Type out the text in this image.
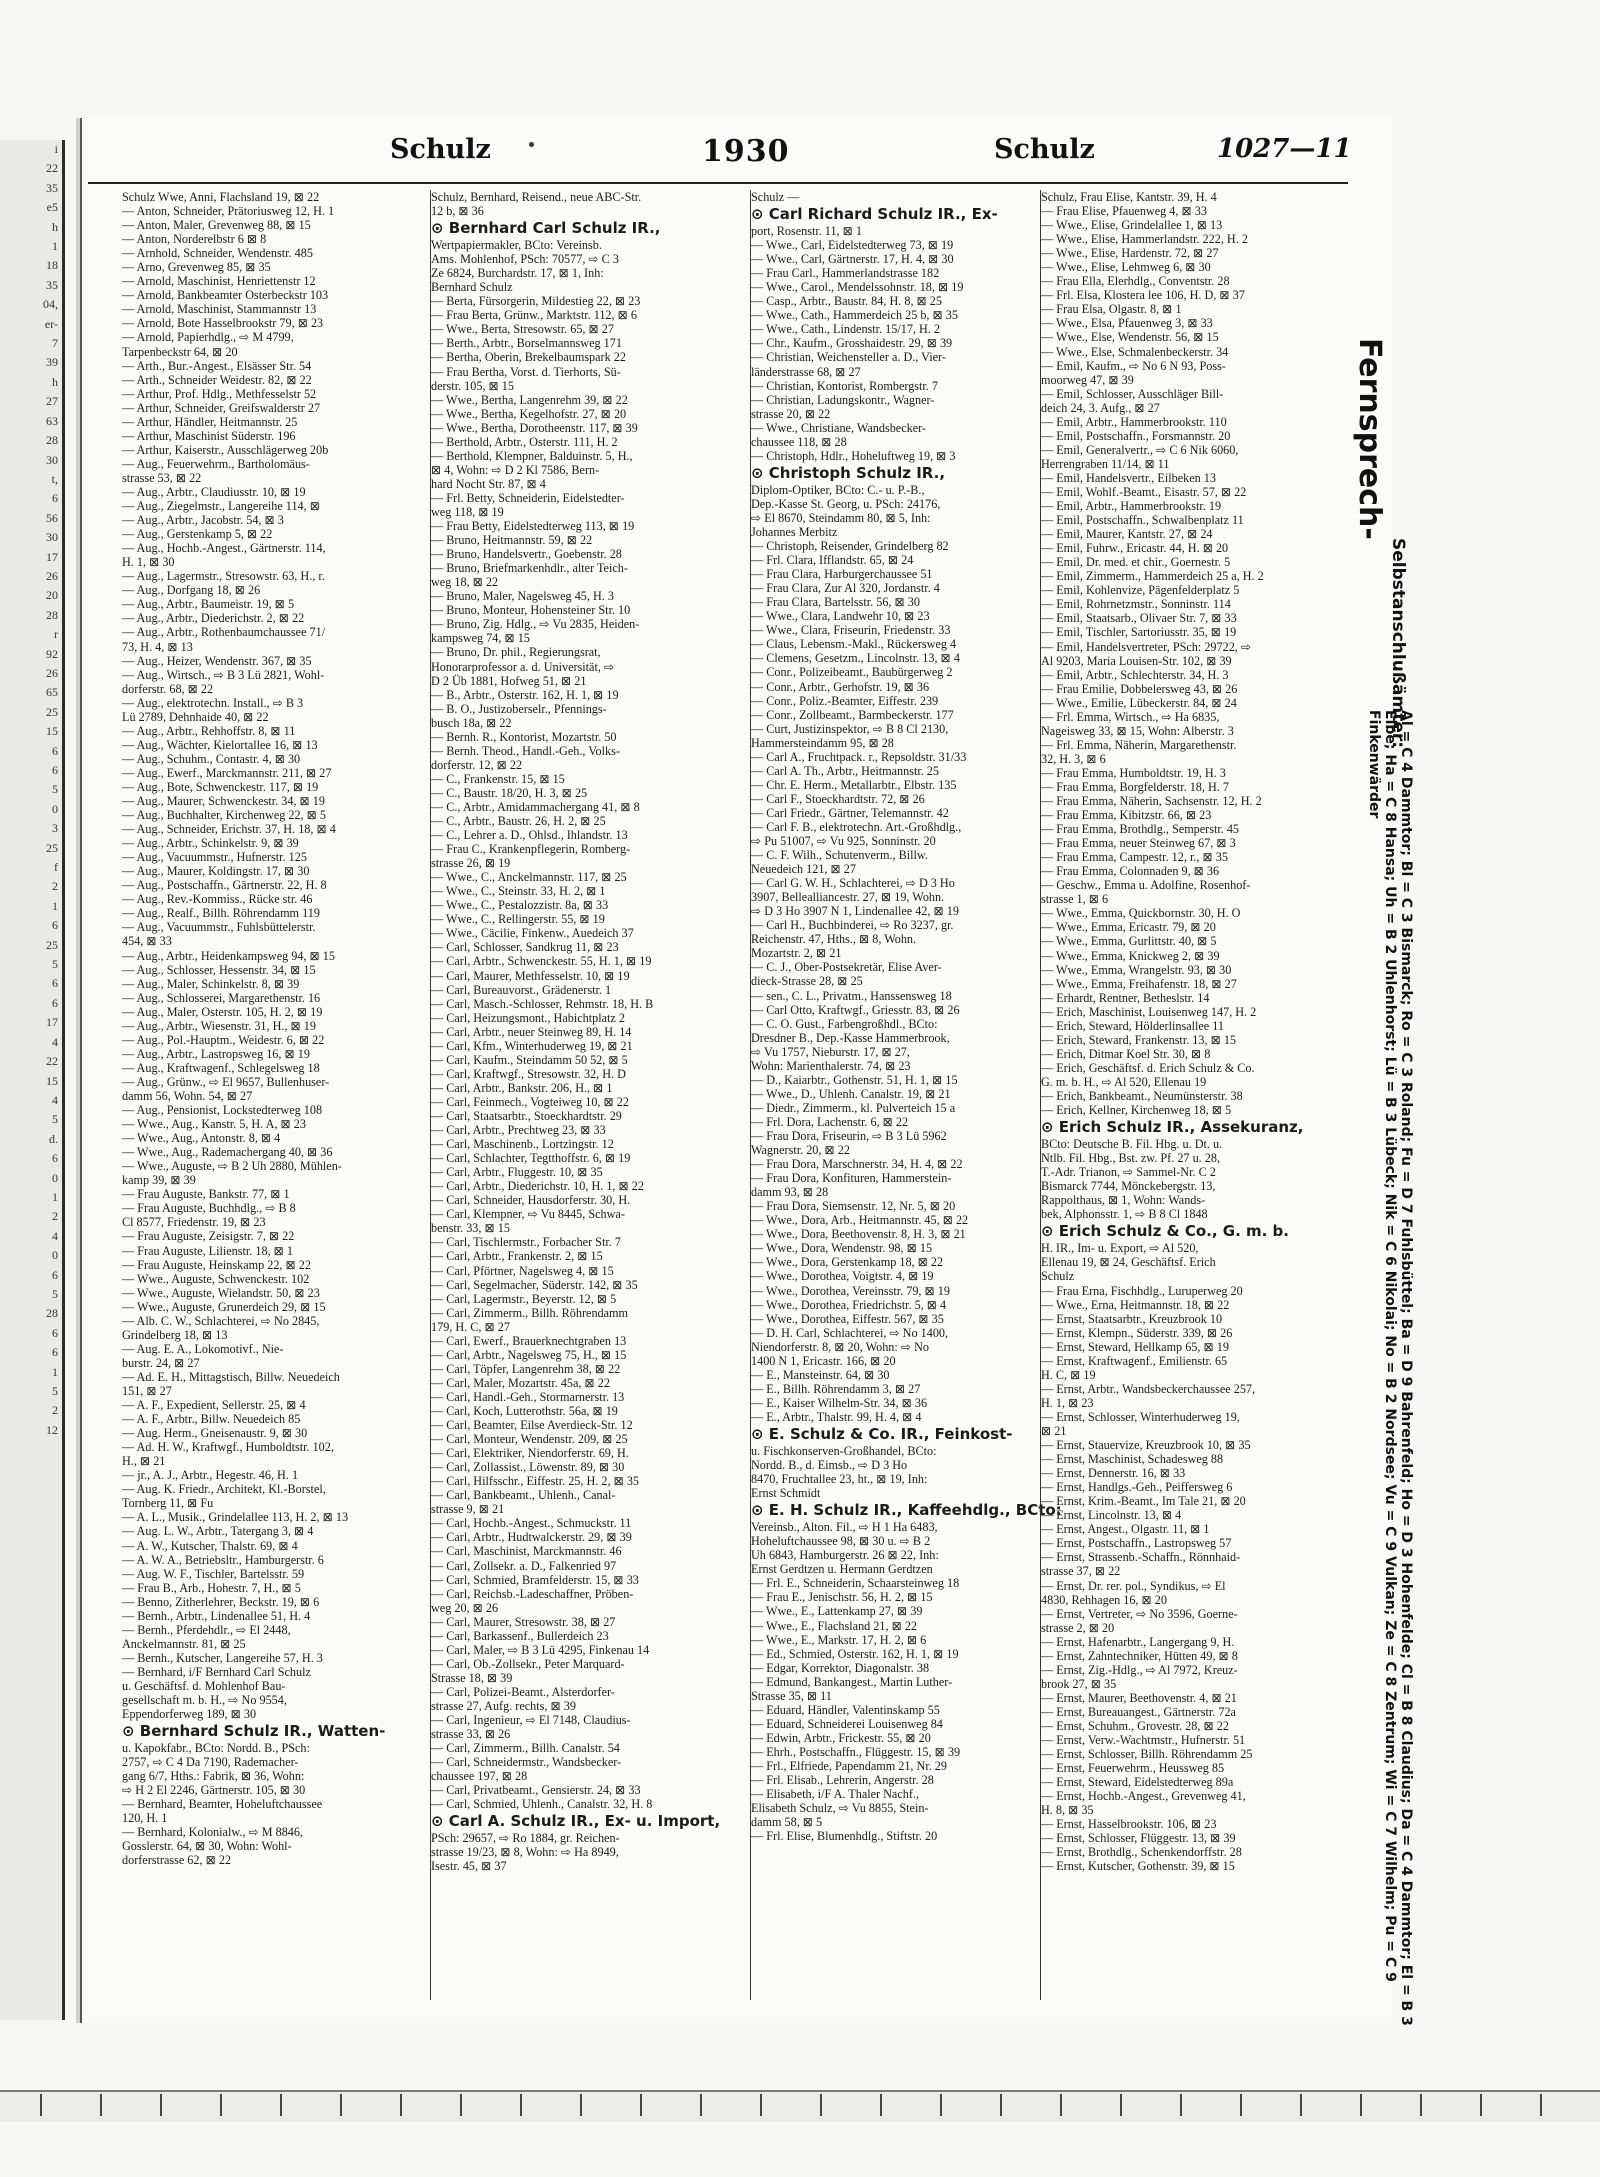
i
22
35
e5
h
1
18
35
04,
er-
7
39
h
27
63
28
30
t,
6
56
30
17
26
20
28
r
92
26
65
25
15
6
6
5
0
3
25
f
2
1
6
25
5
6
6
17
4
22
15
4
5
d.
6
0
1
2
4
0
6
5
28
6
6
1
5
2
12
Schulz	1930	Schulz	1027—11
Schulz Wwe, Anni, Flachsland 19, ⊠ 22
— Anton, Schneider, Prätoriusweg 12, H. 1
— Anton, Maler, Grevenweg 88, ⊠ 15
— Anton, Norderelbstr 6 ⊠ 8
— Arnhold, Schneider, Wendenstr. 485
— Arno, Grevenweg 85, ⊠ 35
— Arnold, Maschinist, Henriettenstr 12
— Arnold, Bankbeamter Osterbeckstr 103
— Arnold, Maschinist, Stammannstr 13
— Arnold, Bote Hasselbrookstr 79, ⊠ 23
— Arnold, Papierhdlg., ⇨ M 4799,
Tarpenbeckstr 64, ⊠ 20
— Arth., Bur.-Angest., Elsässer Str. 54
— Arth., Schneider Weidestr. 82, ⊠ 22
— Arthur, Prof. Hdlg., Methfesselstr 52
— Arthur, Schneider, Greifswalderstr 27
— Arthur, Händler, Heitmannstr. 25
— Arthur, Maschinist Süderstr. 196
— Arthur, Kaiserstr., Ausschlägerweg 20b
— Aug., Feuerwehrm., Bartholomäus-
strasse 53, ⊠ 22
— Aug., Arbtr., Claudiusstr. 10, ⊠ 19
— Aug., Ziegelmstr., Langereihe 114, ⊠
— Aug., Arbtr., Jacobstr. 54, ⊠ 3
— Aug., Gerstenkamp 5, ⊠ 22
— Aug., Hochb.-Angest., Gärtnerstr. 114,
H. 1, ⊠ 30
— Aug., Lagermstr., Stresowstr. 63, H., r.
— Aug., Dorfgang 18, ⊠ 26
— Aug., Arbtr., Baumeistr. 19, ⊠ 5
— Aug., Arbtr., Diederichstr. 2, ⊠ 22
— Aug., Arbtr., Rothenbaumchaussee 71/
73, H. 4, ⊠ 13
— Aug., Heizer, Wendenstr. 367, ⊠ 35
— Aug., Wirtsch., ⇨ B 3 Lü 2821, Wohl-
dorferstr. 68, ⊠ 22
— Aug., elektrotechn. Install., ⇨ B 3
Lü 2789, Dehnhaide 40, ⊠ 22
— Aug., Arbtr., Rehhoffstr. 8, ⊠ 11
— Aug., Wächter, Kielortallee 16, ⊠ 13
— Aug., Schuhm., Contastr. 4, ⊠ 30
— Aug., Ewerf., Marckmannstr. 211, ⊠ 27
— Aug., Bote, Schwenckestr. 117, ⊠ 19
— Aug., Maurer, Schwenckestr. 34, ⊠ 19
— Aug., Buchhalter, Kirchenweg 22, ⊠ 5
— Aug., Schneider, Erichstr. 37, H. 18, ⊠ 4
— Aug., Arbtr., Schinkelstr. 9, ⊠ 39
— Aug., Vacuummstr., Hufnerstr. 125
— Aug., Maurer, Koldingstr. 17, ⊠ 30
— Aug., Postschaffn., Gärtnerstr. 22, H. 8
— Aug., Rev.-Kommiss., Rücke str. 46
— Aug., Realf., Billh. Röhrendamm 119
— Aug., Vacuummstr., Fuhlsbüttelerstr.
454, ⊠ 33
— Aug., Arbtr., Heidenkampsweg 94, ⊠ 15
— Aug., Schlosser, Hessenstr. 34, ⊠ 15
— Aug., Maler, Schinkelstr. 8, ⊠ 39
— Aug., Schlosserei, Margarethenstr. 16
— Aug., Maler, Osterstr. 105, H. 2, ⊠ 19
— Aug., Arbtr., Wiesenstr. 31, H., ⊠ 19
— Aug., Pol.-Hauptm., Weidestr. 6, ⊠ 22
— Aug., Arbtr., Lastropsweg 16, ⊠ 19
— Aug., Kraftwagenf., Schlegelsweg 18
— Aug., Grünw., ⇨ El 9657, Bullenhuser-
damm 56, Wohn. 54, ⊠ 27
— Aug., Pensionist, Lockstedterweg 108
— Wwe., Aug., Kanstr. 5, H. A, ⊠ 23
— Wwe., Aug., Antonstr. 8, ⊠ 4
— Wwe., Aug., Rademachergang 40, ⊠ 36
— Wwe., Auguste, ⇨ B 2 Uh 2880, Mühlen-
kamp 39, ⊠ 39
— Frau Auguste, Bankstr. 77, ⊠ 1
— Frau Auguste, Buchhdlg., ⇨ B 8
Cl 8577, Friedenstr. 19, ⊠ 23
— Frau Auguste, Zeisigstr. 7, ⊠ 22
— Frau Auguste, Lilienstr. 18, ⊠ 1
— Frau Auguste, Heinskamp 22, ⊠ 22
— Wwe., Auguste, Schwenckestr. 102
— Wwe., Auguste, Wielandstr. 50, ⊠ 23
— Wwe., Auguste, Grunerdeich 29, ⊠ 15
— Alb. C. W., Schlachterei, ⇨ No 2845,
Grindelberg 18, ⊠ 13
— Aug. E. A., Lokomotivf., Nie-
burstr. 24, ⊠ 27
— Ad. E. H., Mittagstisch, Billw. Neuedeich
151, ⊠ 27
— A. F., Expedient, Sellerstr. 25, ⊠ 4
— A. F., Arbtr., Billw. Neuedeich 85
— Aug. Herm., Gneisenaustr. 9, ⊠ 30
— Ad. H. W., Kraftwgf., Humboldtstr. 102,
H., ⊠ 21
— jr., A. J., Arbtr., Hegestr. 46, H. 1
— Aug. K. Friedr., Architekt, Kl.-Borstel,
Tornberg 11, ⊠ Fu
— A. L., Musik., Grindelallee 113, H. 2, ⊠ 13
— Aug. L. W., Arbtr., Tatergang 3, ⊠ 4
— A. W., Kutscher, Thalstr. 69, ⊠ 4
— A. W. A., Betriebsltr., Hamburgerstr. 6
— Aug. W. F., Tischler, Bartelsstr. 59
— Frau B., Arb., Hohestr. 7, H., ⊠ 5
— Benno, Zitherlehrer, Beckstr. 19, ⊠ 6
— Bernh., Arbtr., Lindenallee 51, H. 4
— Bernh., Pferdehdlr., ⇨ El 2448,
Anckelmannstr. 81, ⊠ 25
— Bernh., Kutscher, Langereihe 57, H. 3
— Bernhard, i/F Bernhard Carl Schulz
u. Geschäftsf. d. Mohlenhof Bau-
gesellschaft m. b. H., ⇨ No 9554,
Eppendorferweg 189, ⊠ 30
⊙ Bernhard Schulz IR., Watten-
u. Kapokfabr., BCto: Nordd. B., PSch:
2757, ⇨ C 4 Da 7190, Rademacher-
gang 6/7, Hths.: Fabrik, ⊠ 36, Wohn:
⇨ H 2 El 2246, Gärtnerstr. 105, ⊠ 30
— Bernhard, Beamter, Hoheluftchaussee
120, H. 1
— Bernhard, Kolonialw., ⇨ M 8846,
Gosslerstr. 64, ⊠ 30, Wohn: Wohl-
dorferstrasse 62, ⊠ 22
Schulz, Bernhard, Reisend., neue ABC-Str.
12 b, ⊠ 36
⊙ Bernhard Carl Schulz IR.,
Wertpapiermakler, BCto: Vereinsb.
Ams. Mohlenhof, PSch: 70577, ⇨ C 3
Ze 6824, Burchardstr. 17, ⊠ 1, Inh:
Bernhard Schulz
— Berta, Fürsorgerin, Mildestieg 22, ⊠ 23
— Frau Berta, Grünw., Marktstr. 112, ⊠ 6
— Wwe., Berta, Stresowstr. 65, ⊠ 27
— Berth., Arbtr., Borselmannsweg 171
— Bertha, Oberin, Brekelbaumspark 22
— Frau Bertha, Vorst. d. Tierhorts, Sü-
derstr. 105, ⊠ 15
— Wwe., Bertha, Langenrehm 39, ⊠ 22
— Wwe., Bertha, Kegelhofstr. 27, ⊠ 20
— Wwe., Bertha, Dorotheenstr. 117, ⊠ 39
— Berthold, Arbtr., Osterstr. 111, H. 2
— Berthold, Klempner, Balduinstr. 5, H.,
⊠ 4, Wohn: ⇨ D 2 Kl 7586, Bern-
hard Nocht Str. 87, ⊠ 4
— Frl. Betty, Schneiderin, Eidelstedter-
weg 118, ⊠ 19
— Frau Betty, Eidelstedterweg 113, ⊠ 19
— Bruno, Heitmannstr. 59, ⊠ 22
— Bruno, Handelsvertr., Goebenstr. 28
— Bruno, Briefmarkenhdlr., alter Teich-
weg 18, ⊠ 22
— Bruno, Maler, Nagelsweg 45, H. 3
— Bruno, Monteur, Hohensteiner Str. 10
— Bruno, Zig. Hdlg., ⇨ Vu 2835, Heiden-
kampsweg 74, ⊠ 15
— Bruno, Dr. phil., Regierungsrat,
Honorarprofessor a. d. Universität, ⇨
D 2 Üb 1881, Hofweg 51, ⊠ 21
— B., Arbtr., Osterstr. 162, H. 1, ⊠ 19
— B. O., Justizoberselr., Pfennings-
busch 18a, ⊠ 22
— Bernh. R., Kontorist, Mozartstr. 50
— Bernh. Theod., Handl.-Geh., Volks-
dorferstr. 12, ⊠ 22
— C., Frankenstr. 15, ⊠ 15
— C., Baustr. 18/20, H. 3, ⊠ 25
— C., Arbtr., Amidammachergang 41, ⊠ 8
— C., Arbtr., Baustr. 26, H. 2, ⊠ 25
— C., Lehrer a. D., Ohlsd., Ihlandstr. 13
— Frau C., Krankenpflegerin, Romberg-
strasse 26, ⊠ 19
— Wwe., C., Anckelmannstr. 117, ⊠ 25
— Wwe., C., Steinstr. 33, H. 2, ⊠ 1
— Wwe., C., Pestalozzistr. 8a, ⊠ 33
— Wwe., C., Rellingerstr. 55, ⊠ 19
— Wwe., Cäcilie, Finkenw., Auedeich 37
— Carl, Schlosser, Sandkrug 11, ⊠ 23
— Carl, Arbtr., Schwenckestr. 55, H. 1, ⊠ 19
— Carl, Maurer, Methfesselstr. 10, ⊠ 19
— Carl, Bureauvorst., Grädenerstr. 1
— Carl, Masch.-Schlosser, Rehmstr. 18, H. B
— Carl, Heizungsmont., Habichtplatz 2
— Carl, Arbtr., neuer Steinweg 89, H. 14
— Carl, Kfm., Winterhuderweg 19, ⊠ 21
— Carl, Kaufm., Steindamm 50 52, ⊠ 5
— Carl, Kraftwgf., Stresowstr. 32, H. D
— Carl, Arbtr., Bankstr. 206, H., ⊠ 1
— Carl, Feinmech., Vogteiweg 10, ⊠ 22
— Carl, Staatsarbtr., Stoeckhardtstr. 29
— Carl, Arbtr., Prechtweg 23, ⊠ 33
— Carl, Maschinenb., Lortzingstr. 12
— Carl, Schlachter, Tegtthoffstr. 6, ⊠ 19
— Carl, Arbtr., Fluggestr. 10, ⊠ 35
— Carl, Arbtr., Diederichstr. 10, H. 1, ⊠ 22
— Carl, Schneider, Hausdorferstr. 30, H.
— Carl, Klempner, ⇨ Vu 8445, Schwa-
benstr. 33, ⊠ 15
— Carl, Tischlermstr., Forbacher Str. 7
— Carl, Arbtr., Frankenstr. 2, ⊠ 15
— Carl, Pförtner, Nagelsweg 4, ⊠ 15
— Carl, Segelmacher, Süderstr. 142, ⊠ 35
— Carl, Lagermstr., Beyerstr. 12, ⊠ 5
— Carl, Zimmerm., Billh. Röhrendamm
179, H. C, ⊠ 27
— Carl, Ewerf., Brauerknechtgraben 13
— Carl, Arbtr., Nagelsweg 75, H., ⊠ 15
— Carl, Töpfer, Langenrehm 38, ⊠ 22
— Carl, Maler, Mozartstr. 45a, ⊠ 22
— Carl, Handl.-Geh., Stormarnerstr. 13
— Carl, Koch, Lutterothstr. 56a, ⊠ 19
— Carl, Beamter, Eilse Averdieck-Str. 12
— Carl, Monteur, Wendenstr. 209, ⊠ 25
— Carl, Elektriker, Niendorferstr. 69, H.
— Carl, Zollassist., Löwenstr. 89, ⊠ 30
— Carl, Hilfsschr., Eiffestr. 25, H. 2, ⊠ 35
— Carl, Bankbeamt., Uhlenh., Canal-
strasse 9, ⊠ 21
— Carl, Hochb.-Angest., Schmuckstr. 11
— Carl, Arbtr., Hudtwalckerstr. 29, ⊠ 39
— Carl, Maschinist, Marckmannstr. 46
— Carl, Zollsekr. a. D., Falkenried 97
— Carl, Schmied, Bramfelderstr. 15, ⊠ 33
— Carl, Reichsb.-Ladeschaffner, Pröben-
weg 20, ⊠ 26
— Carl, Maurer, Stresowstr. 38, ⊠ 27
— Carl, Barkassenf., Bullerdeich 23
— Carl, Maler, ⇨ B 3 Lü 4295, Finkenau 14
— Carl, Ob.-Zollsekr., Peter Marquard-
Strasse 18, ⊠ 39
— Carl, Polizei-Beamt., Alsterdorfer-
strasse 27, Aufg. rechts, ⊠ 39
— Carl, Ingenieur, ⇨ El 7148, Claudius-
strasse 33, ⊠ 26
— Carl, Zimmerm., Billh. Canalstr. 54
— Carl, Schneidermstr., Wandsbecker-
chaussee 197, ⊠ 28
— Carl, Privatbeamt., Gensierstr. 24, ⊠ 33
— Carl, Schmied, Uhlenh., Canalstr. 32, H. 8
⊙ Carl A. Schulz IR., Ex- u. Import,
PSch: 29657, ⇨ Ro 1884, gr. Reichen-
strasse 19/23, ⊠ 8, Wohn: ⇨ Ha 8949,
Isestr. 45, ⊠ 37
Schulz —
⊙ Carl Richard Schulz IR., Ex-
port, Rosenstr. 11, ⊠ 1
— Wwe., Carl, Eidelstedterweg 73, ⊠ 19
— Wwe., Carl, Gärtnerstr. 17, H. 4, ⊠ 30
— Frau Carl., Hammerlandstrasse 182
— Wwe., Carol., Mendelssohnstr. 18, ⊠ 19
— Casp., Arbtr., Baustr. 84, H. 8, ⊠ 25
— Wwe., Cath., Hammerdeich 25 b, ⊠ 35
— Wwe., Cath., Lindenstr. 15/17, H. 2
— Chr., Kaufm., Grosshaidestr. 29, ⊠ 39
— Christian, Weichensteller a. D., Vier-
länderstrasse 68, ⊠ 27
— Christian, Kontorist, Rombergstr. 7
— Christian, Ladungskontr., Wagner-
strasse 20, ⊠ 22
— Wwe., Christiane, Wandsbecker-
chaussee 118, ⊠ 28
— Christoph, Hdlr., Hoheluftweg 19, ⊠ 3
⊙ Christoph Schulz IR.,
Diplom-Optiker, BCto: C.- u. P.-B.,
Dep.-Kasse St. Georg, u. PSch: 24176,
⇨ El 8670, Steindamm 80, ⊠ 5, Inh:
Johannes Merbitz
— Christoph, Reisender, Grindelberg 82
— Frl. Clara, Ifflandstr. 65, ⊠ 24
— Frau Clara, Harburgerchaussee 51
— Frau Clara, Zur Al 320, Jordanstr. 4
— Frau Clara, Bartelsstr. 56, ⊠ 30
— Wwe., Clara, Landwehr 10, ⊠ 23
— Wwe., Clara, Friseurin, Friedenstr. 33
— Claus, Lebensm.-Makl., Rückersweg 4
— Clemens, Gesetzm., Lincolnstr. 13, ⊠ 4
— Conr., Polizeibeamt., Baubürgerweg 2
— Conr., Arbtr., Gerhofstr. 19, ⊠ 36
— Conr., Poliz.-Beamter, Eiffestr. 239
— Conr., Zollbeamt., Barmbeckerstr. 177
— Curt, Justizinspektor, ⇨ B 8 Cl 2130,
Hammersteindamm 95, ⊠ 28
— Carl A., Fruchtpack. r., Repsoldstr. 31/33
— Carl A. Th., Arbtr., Heitmannstr. 25
— Chr. E. Herm., Metallarbtr., Elbstr. 135
— Carl F., Stoeckhardtstr. 72, ⊠ 26
— Carl Friedr., Gärtner, Telemannstr. 42
— Carl F. B., elektrotechn. Art.-Großhdlg.,
⇨ Pu 51007, ⇨ Vu 925, Sonninstr. 20
— C. F. Wilh., Schutenverm., Billw.
Neuedeich 121, ⊠ 27
— Carl G. W. H., Schlachterei, ⇨ D 3 Ho
3907, Bellealliancestr. 27, ⊠ 19, Wohn.
⇨ D 3 Ho 3907 N 1, Lindenallee 42, ⊠ 19
— Carl H., Buchbinderei, ⇨ Ro 3237, gr.
Reichenstr. 47, Hths., ⊠ 8, Wohn.
Mozartstr. 2, ⊠ 21
— C. J., Ober-Postsekretär, Elise Aver-
dieck-Strasse 28, ⊠ 25
— sen., C. L., Privatm., Hanssensweg 18
— Carl Otto, Kraftwgf., Griesstr. 83, ⊠ 26
— C. O. Gust., Farbengroßhdl., BCto:
Dresdner B., Dep.-Kasse Hammerbrook,
⇨ Vu 1757, Nieburstr. 17, ⊠ 27,
Wohn: Marienthalerstr. 74, ⊠ 23
— D., Kaiarbtr., Gothenstr. 51, H. 1, ⊠ 15
— Wwe., D., Uhlenh. Canalstr. 19, ⊠ 21
— Diedr., Zimmerm., kl. Pulverteich 15 a
— Frl. Dora, Lachenstr. 6, ⊠ 22
— Frau Dora, Friseurin, ⇨ B 3 Lü 5962
Wagnerstr. 20, ⊠ 22
— Frau Dora, Marschnerstr. 34, H. 4, ⊠ 22
— Frau Dora, Konfituren, Hammerstein-
damm 93, ⊠ 28
— Frau Dora, Siemsenstr. 12, Nr. 5, ⊠ 20
— Wwe., Dora, Arb., Heitmannstr. 45, ⊠ 22
— Wwe., Dora, Beethovenstr. 8, H. 3, ⊠ 21
— Wwe., Dora, Wendenstr. 98, ⊠ 15
— Wwe., Dora, Gerstenkamp 18, ⊠ 22
— Wwe., Dorothea, Voigtstr. 4, ⊠ 19
— Wwe., Dorothea, Vereinsstr. 79, ⊠ 19
— Wwe., Dorothea, Friedrichstr. 5, ⊠ 4
— Wwe., Dorothea, Eiffestr. 567, ⊠ 35
— D. H. Carl, Schlachterei, ⇨ No 1400,
Niendorferstr. 8, ⊠ 20, Wohn: ⇨ No
1400 N 1, Ericastr. 166, ⊠ 20
— E., Mansteinstr. 64, ⊠ 30
— E., Billh. Röhrendamm 3, ⊠ 27
— E., Kaiser Wilhelm-Str. 34, ⊠ 36
— E., Arbtr., Thalstr. 99, H. 4, ⊠ 4
⊙ E. Schulz & Co. IR., Feinkost-
u. Fischkonserven-Großhandel, BCto:
Nordd. B., d. Eimsb., ⇨ D 3 Ho
8470, Fruchtallee 23, ht., ⊠ 19, Inh:
Ernst Schmidt
⊙ E. H. Schulz IR., Kaffeehdlg., BCto:
Vereinsb., Alton. Fil., ⇨ H 1 Ha 6483,
Hoheluftchaussee 98, ⊠ 30 u. ⇨ B 2
Uh 6843, Hamburgerstr. 26 ⊠ 22, Inh:
Ernst Gerdtzen u. Hermann Gerdtzen
— Frl. E., Schneiderin, Schaarsteinweg 18
— Frau E., Jenischstr. 56, H. 2, ⊠ 15
— Wwe., E., Lattenkamp 27, ⊠ 39
— Wwe., E., Flachsland 21, ⊠ 22
— Wwe., E., Markstr. 17, H. 2, ⊠ 6
— Ed., Schmied, Osterstr. 162, H. 1, ⊠ 19
— Edgar, Korrektor, Diagonalstr. 38
— Edmund, Bankangest., Martin Luther-
Strasse 35, ⊠ 11
— Eduard, Händler, Valentinskamp 55
— Eduard, Schneiderei Louisenweg 84
— Edwin, Arbtr., Frickestr. 55, ⊠ 20
— Ehrh., Postschaffn., Flüggestr. 15, ⊠ 39
— Frl., Elfriede, Papendamm 21, Nr. 29
— Frl. Elisab., Lehrerin, Angerstr. 28
— Elisabeth, i/F A. Thaler Nachf.,
Elisabeth Schulz, ⇨ Vu 8855, Stein-
damm 58, ⊠ 5
— Frl. Elise, Blumenhdlg., Stiftstr. 20
Schulz, Frau Elise, Kantstr. 39, H. 4
— Frau Elise, Pfauenweg 4, ⊠ 33
— Wwe., Elise, Grindelallee 1, ⊠ 13
— Wwe., Elise, Hammerlandstr. 222, H. 2
— Wwe., Elise, Hardenstr. 72, ⊠ 27
— Wwe., Elise, Lehmweg 6, ⊠ 30
— Frau Ella, Elerhdlg., Conventstr. 28
— Frl. Elsa, Klostera lee 106, H. D, ⊠ 37
— Frau Elsa, Olgastr. 8, ⊠ 1
— Wwe., Elsa, Pfauenweg 3, ⊠ 33
— Wwe., Else, Wendenstr. 56, ⊠ 15
— Wwe., Else, Schmalenbeckerstr. 34
— Emil, Kaufm., ⇨ No 6 N 93, Poss-
moorweg 47, ⊠ 39
— Emil, Schlosser, Ausschläger Bill-
deich 24, 3. Aufg., ⊠ 27
— Emil, Arbtr., Hammerbrookstr. 110
— Emil, Postschaffn., Forsmannstr. 20
— Emil, Generalvertr., ⇨ C 6 Nik 6060,
Herrengraben 11/14, ⊠ 11
— Emil, Handelsvertr., Eilbeken 13
— Emil, Wohlf.-Beamt., Eisastr. 57, ⊠ 22
— Emil, Arbtr., Hammerbrookstr. 19
— Emil, Postschaffn., Schwalbenplatz 11
— Emil, Maurer, Kantstr. 27, ⊠ 24
— Emil, Fuhrw., Ericastr. 44, H. ⊠ 20
— Emil, Dr. med. et chir., Goernestr. 5
— Emil, Zimmerm., Hammerdeich 25 a, H. 2
— Emil, Kohlenvize, Pägenfelderplatz 5
— Emil, Rohrnetzmstr., Sonninstr. 114
— Emil, Staatsarb., Olivaer Str. 7, ⊠ 33
— Emil, Tischler, Sartoriusstr. 35, ⊠ 19
— Emil, Handelsvertreter, PSch: 29722, ⇨
Al 9203, Maria Louisen-Str. 102, ⊠ 39
— Emil, Arbtr., Schlechterstr. 34, H. 3
— Frau Emilie, Dobbelersweg 43, ⊠ 26
— Wwe., Emilie, Lübeckerstr. 84, ⊠ 24
— Frl. Emma, Wirtsch., ⇨ Ha 6835,
Nageisweg 33, ⊠ 15, Wohn: Alberstr. 3
— Frl. Emma, Näherin, Margarethenstr.
32, H. 3, ⊠ 6
— Frau Emma, Humboldtstr. 19, H. 3
— Frau Emma, Borgfelderstr. 18, H. 7
— Frau Emma, Näherin, Sachsenstr. 12, H. 2
— Frau Emma, Kibitzstr. 66, ⊠ 23
— Frau Emma, Brothdlg., Semperstr. 45
— Frau Emma, neuer Steinweg 67, ⊠ 3
— Frau Emma, Campestr. 12, r., ⊠ 35
— Frau Emma, Colonnaden 9, ⊠ 36
— Geschw., Emma u. Adolfine, Rosenhof-
strasse 1, ⊠ 6
— Wwe., Emma, Quickbornstr. 30, H. O
— Wwe., Emma, Ericastr. 79, ⊠ 20
— Wwe., Emma, Gurlittstr. 40, ⊠ 5
— Wwe., Emma, Knickweg 2, ⊠ 39
— Wwe., Emma, Wrangelstr. 93, ⊠ 30
— Wwe., Emma, Freihafenstr. 18, ⊠ 27
— Erhardt, Rentner, Betheslstr. 14
— Erich, Maschinist, Louisenweg 147, H. 2
— Erich, Steward, Hölderlinsallee 11
— Erich, Steward, Frankenstr. 13, ⊠ 15
— Erich, Ditmar Koel Str. 30, ⊠ 8
— Erich, Geschäftsf. d. Erich Schulz & Co.
G. m. b. H., ⇨ Al 520, Ellenau 19
— Erich, Bankbeamt., Neumünsterstr. 38
— Erich, Kellner, Kirchenweg 18, ⊠ 5
⊙ Erich Schulz IR., Assekuranz,
BCto: Deutsche B. Fil. Hbg. u. Dt. u.
Ntlb. Fil. Hbg., Bst. zw. Pf. 27 u. 28,
T.-Adr. Trianon, ⇨ Sammel-Nr. C 2
Bismarck 7744, Mönckebergstr. 13,
Rappolthaus, ⊠ 1, Wohn: Wands-
bek, Alphonsstr. 1, ⇨ B 8 Cl 1848
⊙ Erich Schulz & Co., G. m. b.
H. IR., Im- u. Export, ⇨ Al 520,
Ellenau 19, ⊠ 24, Geschäftsf. Erich
Schulz
— Frau Erna, Fischhdlg., Luruperweg 20
— Wwe., Erna, Heitmannstr. 18, ⊠ 22
— Ernst, Staatsarbtr., Kreuzbrook 10
— Ernst, Klempn., Süderstr. 339, ⊠ 26
— Ernst, Steward, Hellkamp 65, ⊠ 19
— Ernst, Kraftwagenf., Emilienstr. 65
H. C, ⊠ 19
— Ernst, Arbtr., Wandsbeckerchaussee 257,
H. 1, ⊠ 23
— Ernst, Schlosser, Winterhuderweg 19,
⊠ 21
— Ernst, Stauervize, Kreuzbrook 10, ⊠ 35
— Ernst, Maschinist, Schadesweg 88
— Ernst, Dennerstr. 16, ⊠ 33
— Ernst, Handlgs.-Geh., Peiffersweg 6
— Ernst, Krim.-Beamt., Im Tale 21, ⊠ 20
— Ernst, Lincolnstr. 13, ⊠ 4
— Ernst, Angest., Olgastr. 11, ⊠ 1
— Ernst, Postschaffn., Lastropsweg 57
— Ernst, Strassenb.-Schaffn., Rönnhaid-
strasse 37, ⊠ 22
— Ernst, Dr. rer. pol., Syndikus, ⇨ El
4830, Rehhagen 16, ⊠ 20
— Ernst, Vertreter, ⇨ No 3596, Goerne-
strasse 2, ⊠ 20
— Ernst, Hafenarbtr., Langergang 9, H.
— Ernst, Zahntechniker, Hütten 49, ⊠ 8
— Ernst, Zig.-Hdlg., ⇨ Al 7972, Kreuz-
brook 27, ⊠ 35
— Ernst, Maurer, Beethovenstr. 4, ⊠ 21
— Ernst, Bureauangest., Gärtnerstr. 72a
— Ernst, Schuhm., Grovestr. 28, ⊠ 22
— Ernst, Verw.-Wachtmstr., Hufnerstr. 51
— Ernst, Schlosser, Billh. Röhrendamm 25
— Ernst, Feuerwehrm., Heussweg 85
— Ernst, Steward, Eidelstedterweg 89a
— Ernst, Hochb.-Angest., Grevenweg 41,
H. 8, ⊠ 35
— Ernst, Hasselbrookstr. 106, ⊠ 23
— Ernst, Schlosser, Flüggestr. 13, ⊠ 39
— Ernst, Brothdlg., Schenkendorffstr. 28
— Ernst, Kutscher, Gothenstr. 39, ⊠ 15
Fernsprech-
Selbstanschlußämter:
Al = C 4 Dammtor; Bl = C 3 Bismarck; Ro = C 3 Roland; Fu = D 7 Fuhlsbüttel; Ba = D 9 Bahrenfeld; Ho = D 3 Hohenfelde; Cl = B 8 Claudius; Da = C 4 Dammtor; El = B 3 Elbe; Ha = C 8 Hansa; Uh = B 2 Uhlenhorst; Lü = B 3 Lübeck; Nik = C 6 Nikolai; No = B 2 Nordsee; Vu = C 9 Vulkan; Ze = C 8 Zentrum; Wi = C 7 Wilhelm; Pu = C 9 Finkenwärder
